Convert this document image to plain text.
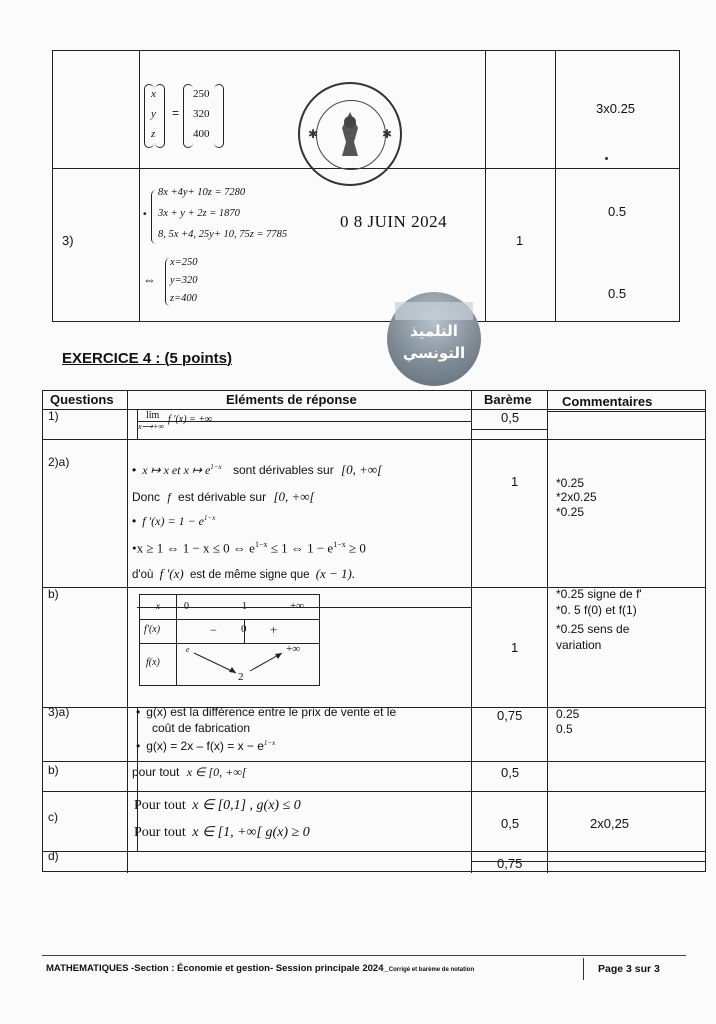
x
y
z
=
250
320
400
3x0.25
✱	✱
3)
•
8x +4y+ 10z = 7280
3x + y + 2z = 1870
8, 5x +4, 25y+ 10, 75z = 7785
0 8 JUIN 2024
⇔
x=250
y=320
z=400
1
0.5
0.5
التلميذ
التونسي
EXERCICE 4 : (5 points)
Questions	Eléments de réponse	Barème Commentaires
1)	lim
x⟶+∞
f ′(x) = +∞	0,5
2)a)
• x ↦ x et x ↦ $e^{1-x}$ sont dérivables sur [0, +∞[
Donc f est dérivable sur [0, +∞[
• f $'(x) = 1 - e^{1-x}$
•x ≥ 1 ⇔ 1 − x ≤ 0 ⇔ $e^{1-x} \le 1$ ⇔ $1 - e^{1-x} \ge 0$
d'où f ′(x) est de même signe que (x − 1).
1	*0.25
*2x0.25
*0.25
b)
x 0	1	+∞
f′(x)	− 0 +
f(x)
e
2
+∞	1
*0.25 signe de f'
*0. 5 f(0) et f(1)
*0.25 sens de
variation
3)a)
•	g(x) est la différence entre le prix de vente et le
coût de fabrication
• $g(x) = 2x - f(x) = x - e^{1-x}$
0,75	0.25
0.5
b)	pour tout x ∈ [0, +∞[	0,5
c)
Pour tout x ∈ [0,1] , g(x) ≤ 0
Pour tout x ∈ [1, +∞[ g(x) ≥ 0
0,5	2x0,25
d)	0,75
MATHEMATIQUES -Section : Économie et gestion- Session principale 2024_Corrigé et barème de notation	Page 3 sur 3
